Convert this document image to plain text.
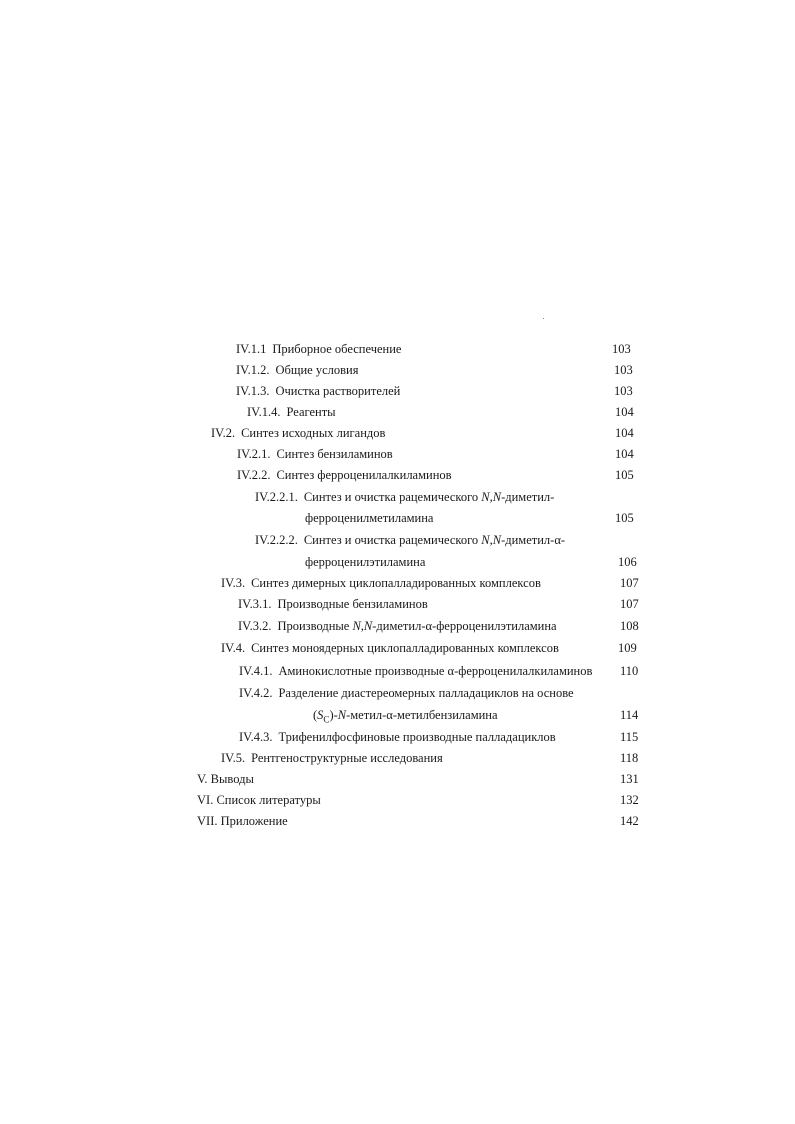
IV.1.1 Приборное обеспечение	103
IV.1.2. Общие условия	103
IV.1.3. Очистка растворителей	103
IV.1.4. Реагенты	104
IV.2. Синтез исходных лигандов	104
IV.2.1. Синтез бензиламинов	104
IV.2.2. Синтез ферроценилалкиламинов	105
IV.2.2.1. Синтез и очистка рацемического N,N-диметил-
ферроценилметиламина	105
IV.2.2.2. Синтез и очистка рацемического N,N-диметил-α-
ферроценилэтиламина	106
IV.3. Синтез димерных циклопалладированных комплексов	107
IV.3.1. Производные бензиламинов	107
IV.3.2. Производные N,N-диметил-α-ферроценилэтиламина	108
IV.4. Синтез моноядерных циклопалладированных комплексов	109
IV.4.1. Аминокислотные производные α-ферроценилалкиламинов 110
IV.4.2. Разделение диастереомерных палладациклов на основе
$(S_C)-N-метил-\alpha$-метилбензиламина	114
IV.4.3. Трифенилфосфиновые производные палладациклов	115
IV.5. Рентгеноструктурные исследования	118
V. Выводы	131
VI. Список литературы	132
VII. Приложение	142
